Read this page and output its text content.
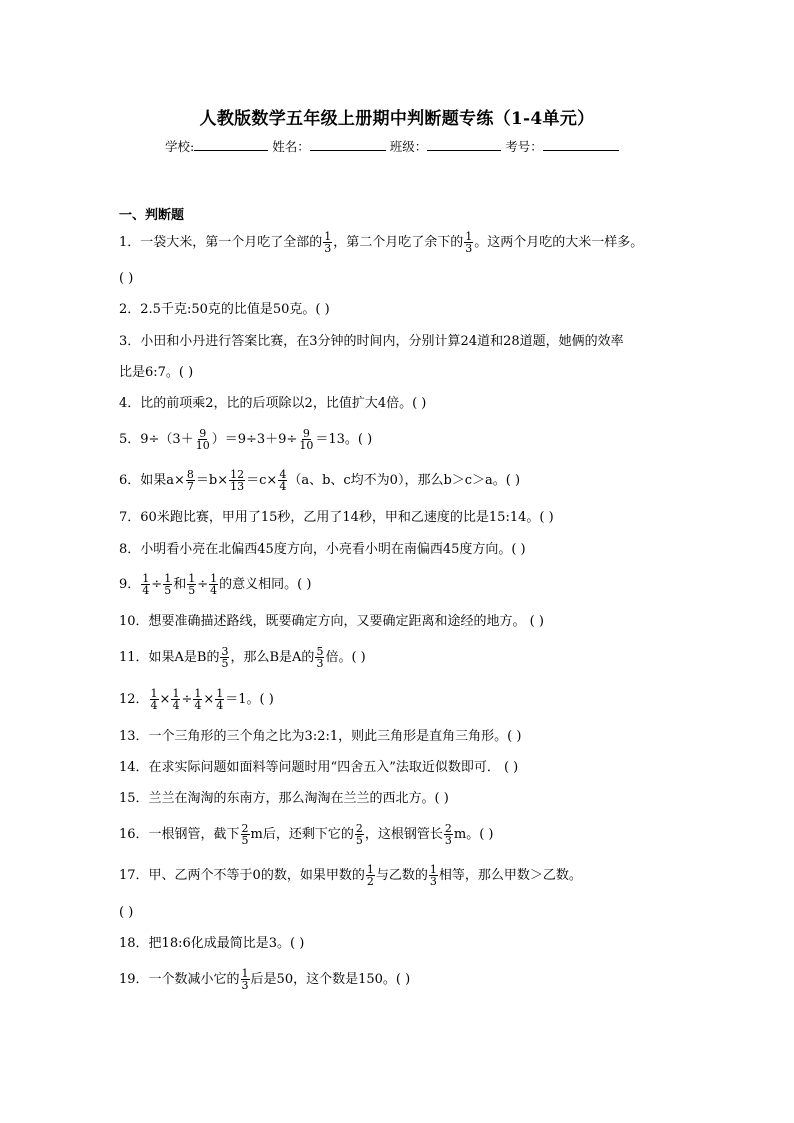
人教版数学五年级上册期中判断题专练（1-4单元）
学校:	姓名：	班级：	考号：
一、判断题
1．一袋大米，第一个月吃了全部的 $\frac{1}{3}$ ，第二个月吃了余下的 $\frac{1}{3}$ 。这两个月吃的大米一样多。
( )
2．2.5千克:50克的比值是50克。( )
3．小田和小丹进行答案比赛，在3分钟的时间内，分别计算24道和28道题，她俩的效率
比是6:7。( )
4．比的前项乘2，比的后项除以2，比值扩大4倍。( )
5．$9\div(3+ \frac{9}{10} )=9\div 3+9\div \frac{9}{10} =13$。( )
6．如果$a\times \frac{8}{7} =b\times \frac{12}{13} =c\times \frac{4}{4} (a$、b、c均不为0），那么b＞c＞a。( )
7．60米跑比赛，甲用了15秒，乙用了14秒，甲和乙速度的比是15:14。( )
8．小明看小亮在北偏西45度方向，小亮看小明在南偏西45度方向。( )
9． $\frac{1}{4} \div \frac{1}{5}$ 和 $\frac{1}{5} \div \frac{1}{4}$ 的意义相同。( )
10．想要准确描述路线，既要确定方向，又要确定距离和途经的地方。 ( )
11．如果A是B的 $\frac{3}{5}$ ，那么B是A的 $\frac{5}{3}$ 倍。( )
12． $\frac{1}{4} \times \frac{1}{4} \div \frac{1}{4} \times \frac{1}{4} =1$。( )
13．一个三角形的三个角之比为3:2:1，则此三角形是直角三角形。( )
14．在求实际问题如面料等问题时用“四舍五入”法取近似数即可． ( )
15．兰兰在淘淘的东南方，那么淘淘在兰兰的西北方。( )
16．一根钢管，截下 $\frac{2}{5}$ m后，还剩下它的 $\frac{2}{5}$ ，这根钢管长 $\frac{2}{3}$ m。( )
17．甲、乙两个不等于0的数，如果甲数的 $\frac{1}{2}$ 与乙数的 $\frac{1}{3}$ 相等，那么甲数＞乙数。
( )
18．把18:6化成最简比是3。( )
19．一个数减小它的 $\frac{1}{3}$ 后是50，这个数是150。( )
